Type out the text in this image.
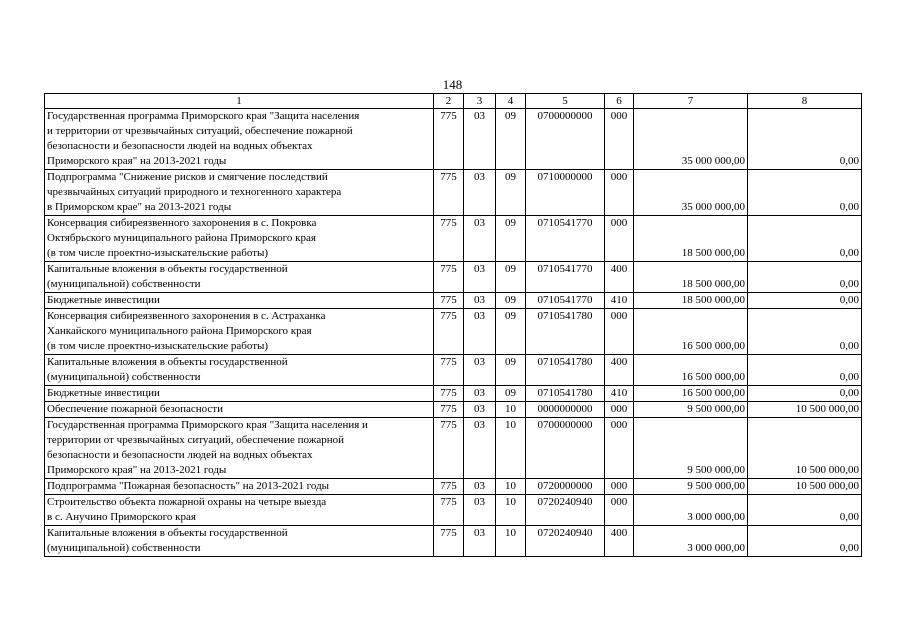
148
1	2	3	4	5	6	7	8
Государственная программа Приморского края "Защита населения
и территории от чрезвычайных ситуаций, обеспечение пожарной
безопасности и безопасности людей на водных объектах
Приморского края" на 2013-2021 годы	775	03	09	0700000000	000	35 000 000,00	0,00
Подпрограмма "Снижение рисков и смягчение последствий
чрезвычайных ситуаций природного и техногенного характера
в Приморском крае" на 2013-2021 годы	775	03	09	0710000000	000	35 000 000,00	0,00
Консервация сибиреязвенного захоронения в с. Покровка
Октябрьского муниципального района Приморского края
(в том числе проектно-изыскательские работы)	775	03	09	0710541770	000	18 500 000,00	0,00
Капитальные вложения в объекты государственной
(муниципальной) собственности	775	03	09	0710541770	400	18 500 000,00	0,00
Бюджетные инвестиции	775	03	09	0710541770	410	18 500 000,00	0,00
Консервация сибиреязвенного захоронения в с. Астраханка
Ханкайского муниципального района Приморского края
(в том числе проектно-изыскательские работы)	775	03	09	0710541780	000	16 500 000,00	0,00
Капитальные вложения в объекты государственной
(муниципальной) собственности	775	03	09	0710541780	400	16 500 000,00	0,00
Бюджетные инвестиции	775	03	09	0710541780	410	16 500 000,00	0,00
Обеспечение пожарной безопасности	775	03	10	0000000000	000	9 500 000,00	10 500 000,00
Государственная программа Приморского края "Защита населения и
территории от чрезвычайных ситуаций, обеспечение пожарной
безопасности и безопасности людей на водных объектах
Приморского края" на 2013-2021 годы	775	03	10	0700000000	000	9 500 000,00	10 500 000,00
Подпрограмма "Пожарная безопасность" на 2013-2021 годы	775	03	10	0720000000	000	9 500 000,00	10 500 000,00
Строительство объекта пожарной охраны на четыре выезда
в с. Анучино Приморского края	775	03	10	0720240940	000	3 000 000,00	0,00
Капитальные вложения в объекты государственной
(муниципальной) собственности	775	03	10	0720240940	400	3 000 000,00	0,00
